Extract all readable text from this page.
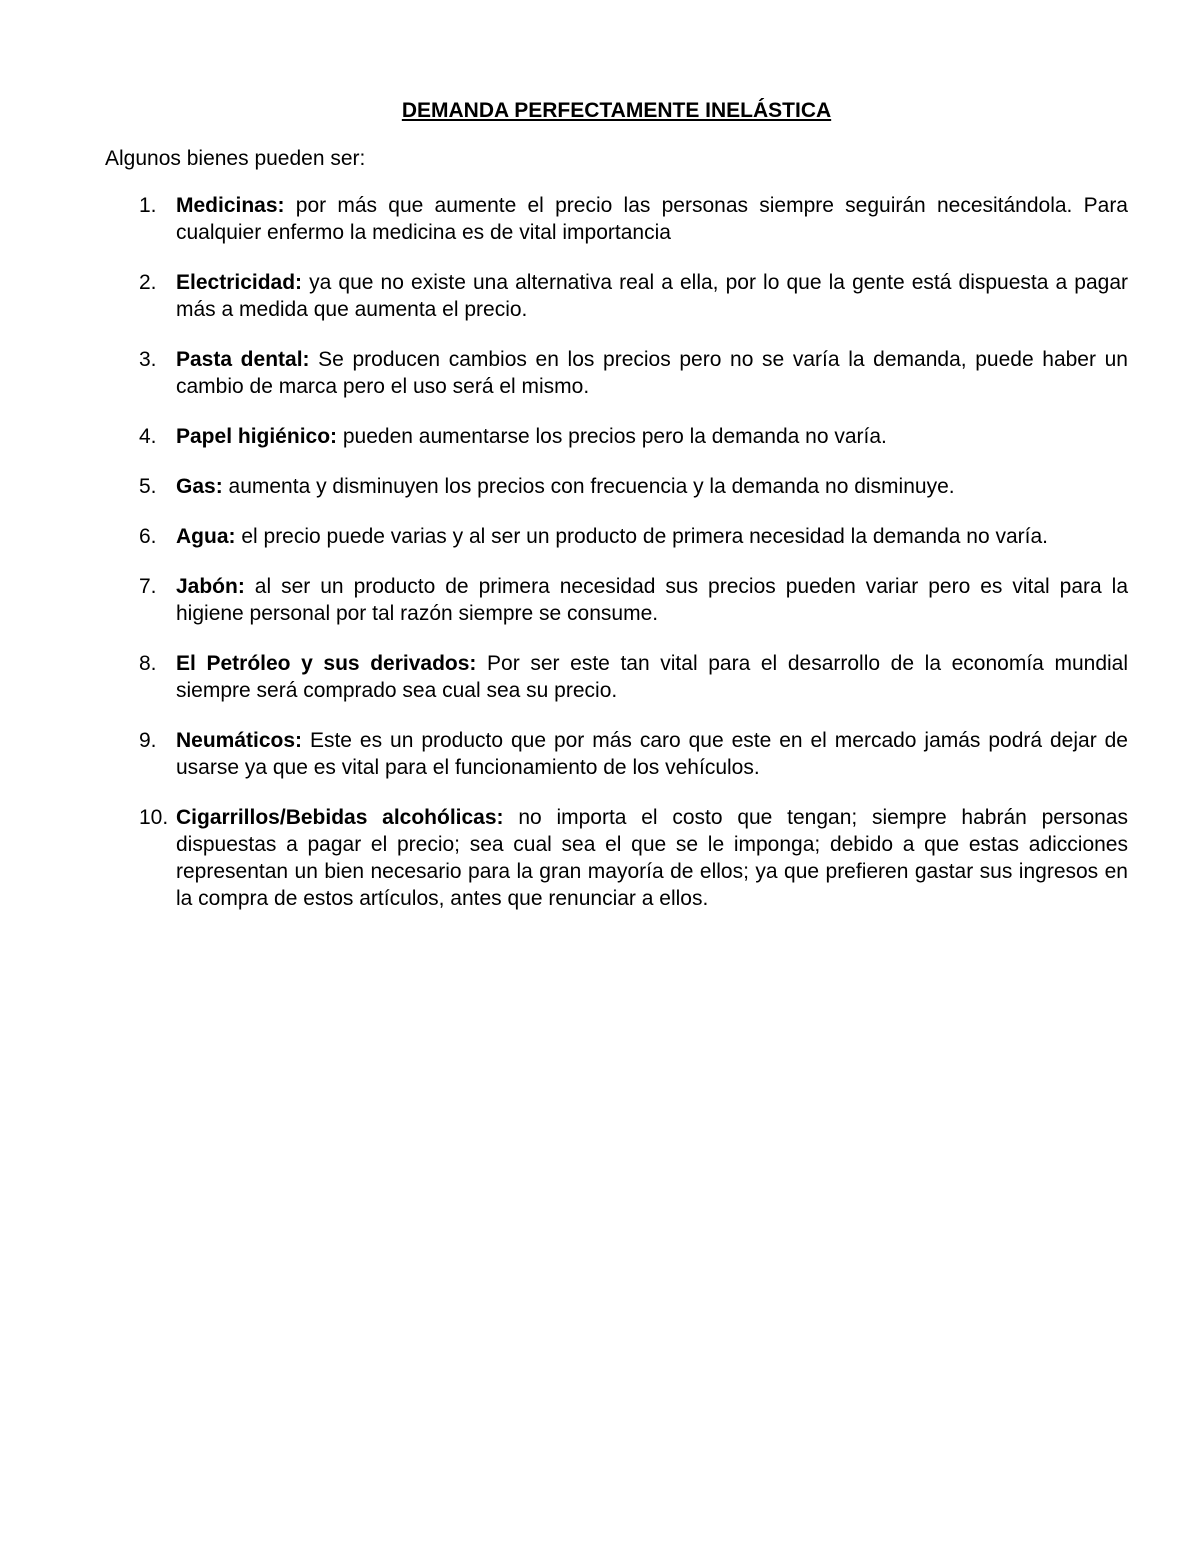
DEMANDA PERFECTAMENTE INELÁSTICA

Algunos bienes pueden ser:

1. Medicinas: por más que aumente el precio las personas siempre seguirán necesitándola. Para cualquier enfermo la medicina es de vital importancia
2. Electricidad: ya que no existe una alternativa real a ella, por lo que la gente está dispuesta a pagar más a medida que aumenta el precio.
3. Pasta dental: Se producen cambios en los precios pero no se varía la demanda, puede haber un cambio de marca pero el uso será el mismo.
4. Papel higiénico: pueden aumentarse los precios pero la demanda no varía.
5. Gas: aumenta y disminuyen los precios con frecuencia y la demanda no disminuye.
6. Agua: el precio puede varias y al ser un producto de primera necesidad la demanda no varía.
7. Jabón: al ser un producto de primera necesidad sus precios pueden variar pero es vital para la higiene personal por tal razón siempre se consume.
8. El Petróleo y sus derivados: Por ser este tan vital para el desarrollo de la economía mundial siempre será comprado sea cual sea su precio.
9. Neumáticos: Este es un producto que por más caro que este en el mercado jamás podrá dejar de usarse ya que es vital para el funcionamiento de los vehículos.
10. Cigarrillos/Bebidas alcohólicas: no importa el costo que tengan; siempre habrán personas dispuestas a pagar el precio; sea cual sea el que se le imponga; debido a que estas adicciones representan un bien necesario para la gran mayoría de ellos; ya que prefieren gastar sus ingresos en la compra de estos artículos, antes que renunciar a ellos.
